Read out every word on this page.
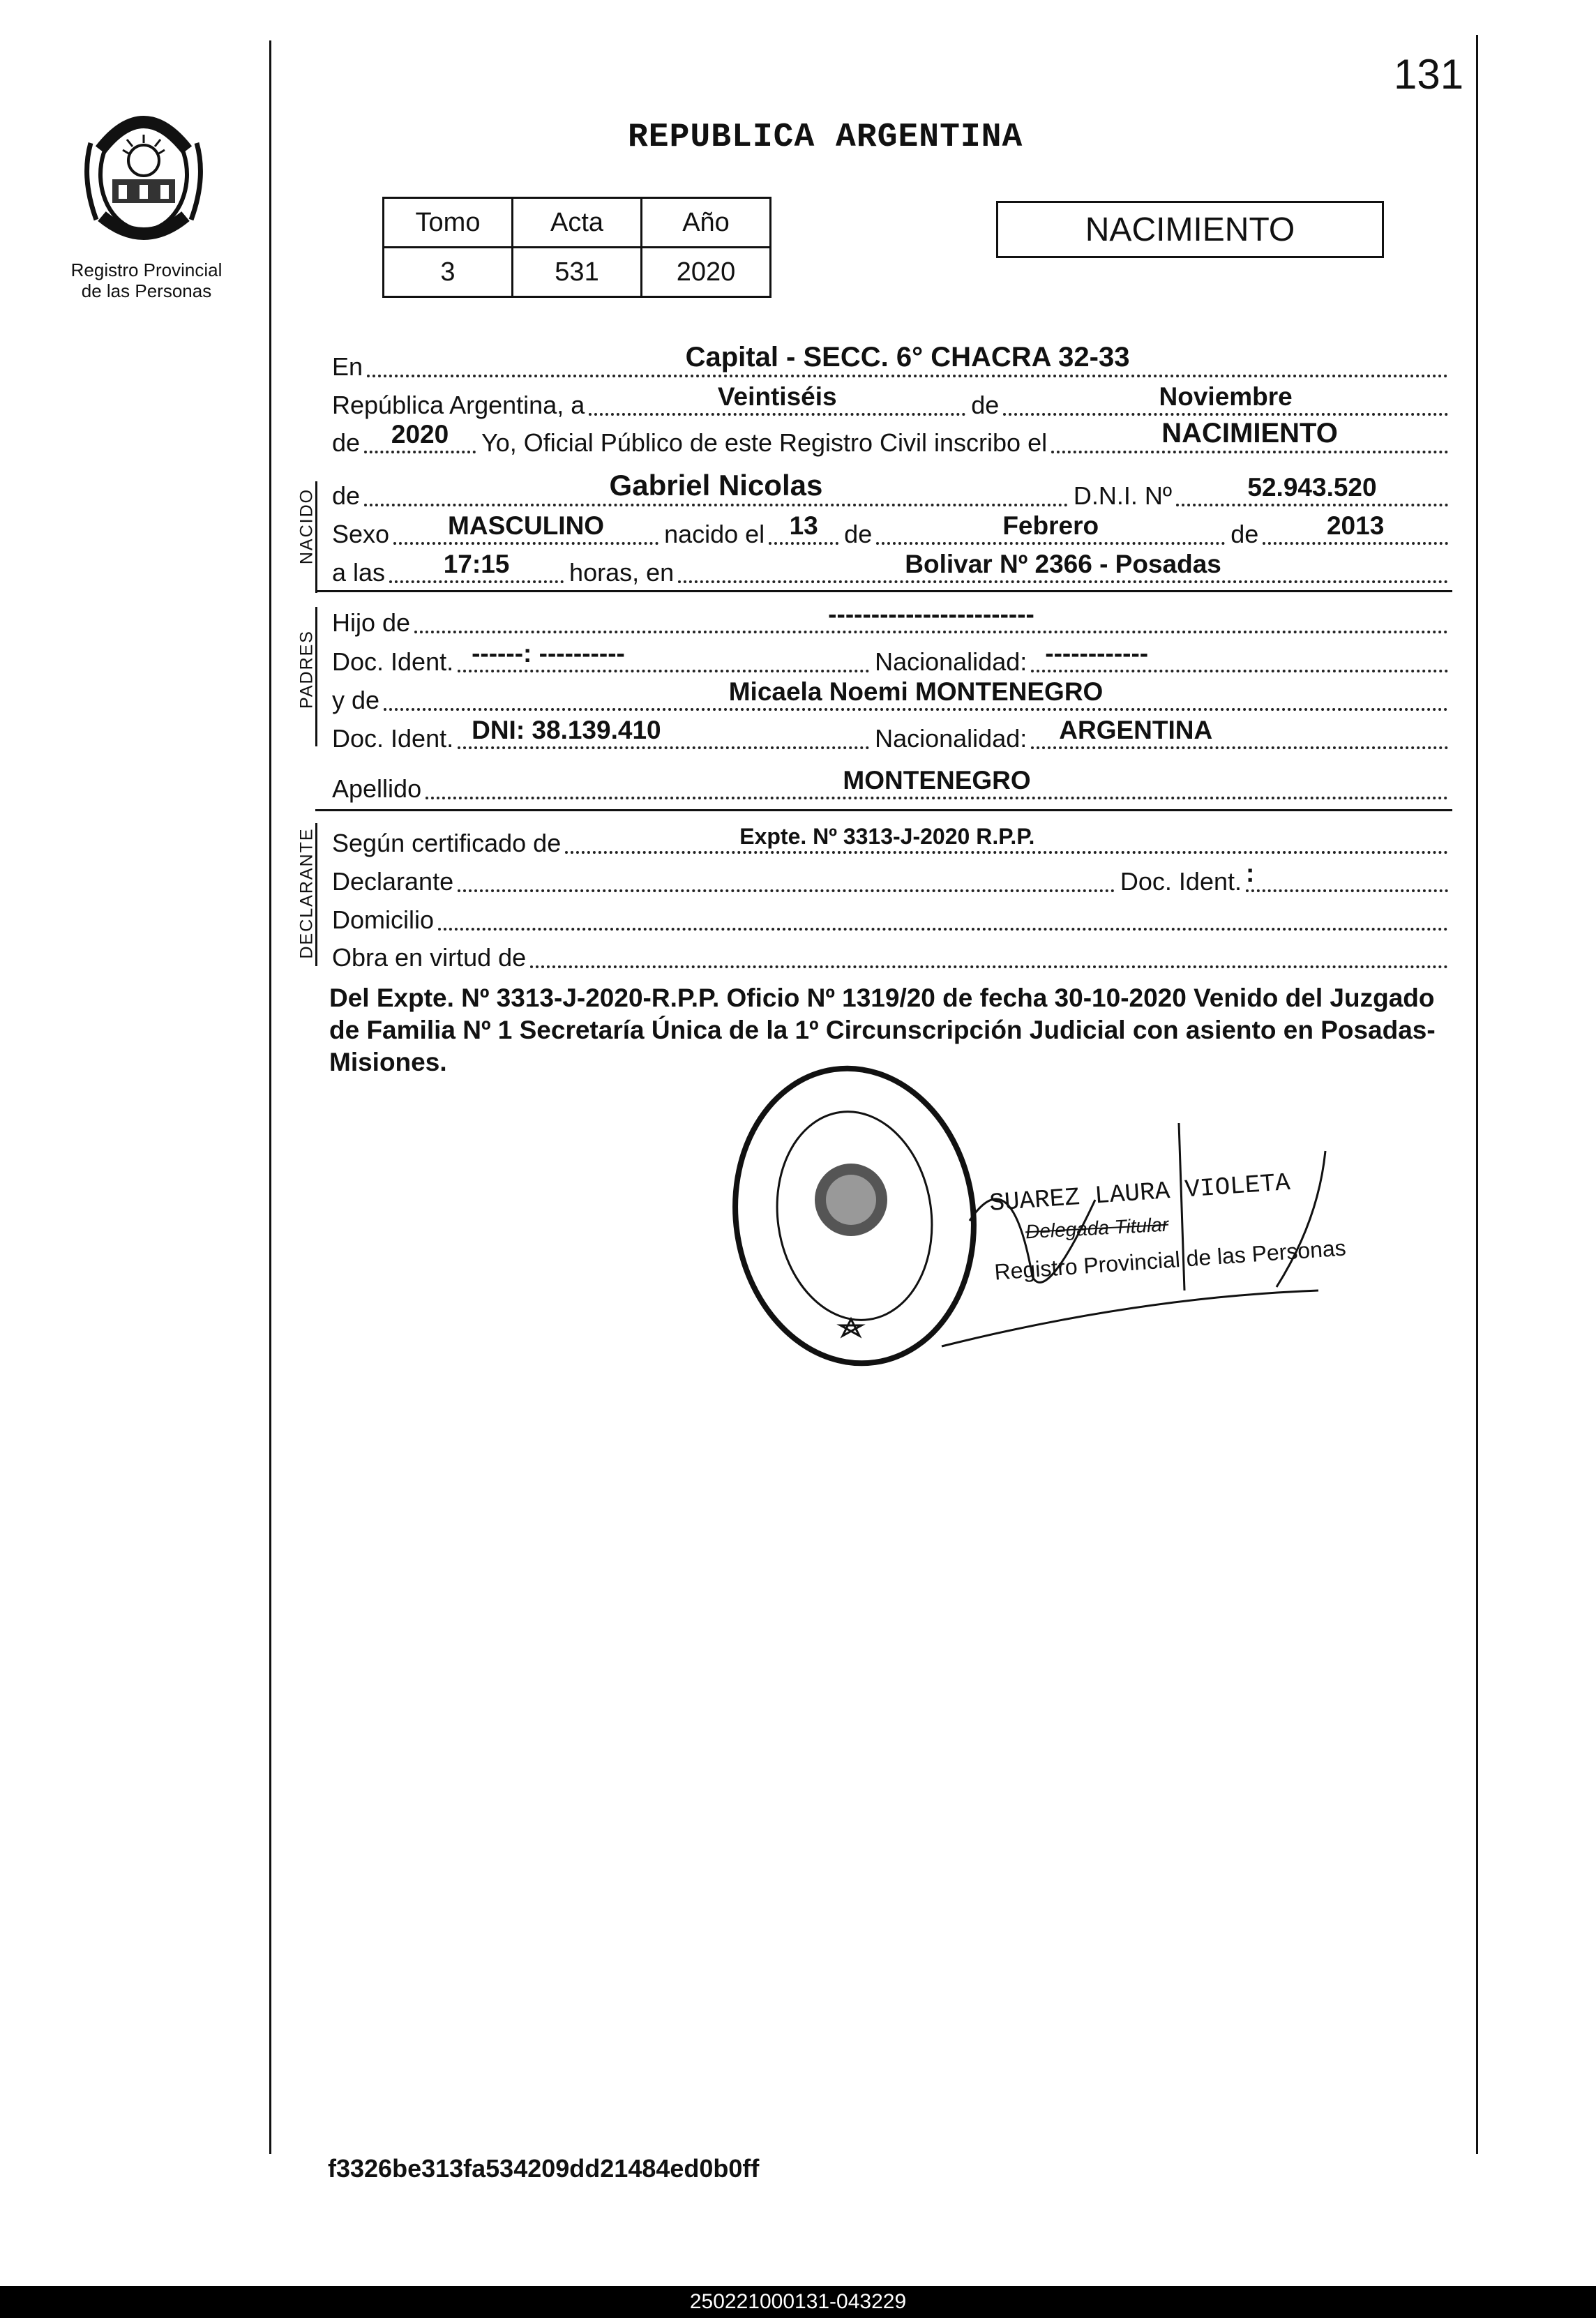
131
Registro Provincial
de las Personas
REPUBLICA ARGENTINA
Tomo	Acta	Año
3	531	2020
NACIMIENTO
En	Capital - SECC. 6° CHACRA 32-33
República Argentina, a	Veintiséis	de	Noviembre
de	2020	Yo, Oficial Público de este Registro Civil inscribo el	NACIMIENTO
NACIDO de	Gabriel Nicolas	D.N.I. Nº	52.943.520
Sexo	MASCULINO	nacido el 13	de	Febrero	de	2013
a las	17:15	horas, en	Bolivar Nº 2366 - Posadas
PADRES
Hijo de	------------------------
Doc. Ident. ------: ----------	Nacionalidad: ------------
y de	Micaela Noemi MONTENEGRO
Doc. Ident. DNI: 38.139.410	Nacionalidad:	ARGENTINA
Apellido	MONTENEGRO
DECLARANTE Según certificado de	Expte. Nº 3313-J-2020 R.P.P.
Declarante	Doc. Ident. :
Domicilio
Obra en virtud de
Del Expte. Nº 3313-J-2020-R.P.P. Oficio Nº 1319/20 de fecha 30-10-2020 Venido del Juzgado de Familia Nº 1 Secretaría Única de la 1º Circunscripción Judicial con asiento en Posadas-Misiones.
SUAREZ LAURA VIOLETA
Delegada Titular
Registro Provincial de las Personas
f3326be313fa534209dd21484ed0b0ff
250221000131-043229
